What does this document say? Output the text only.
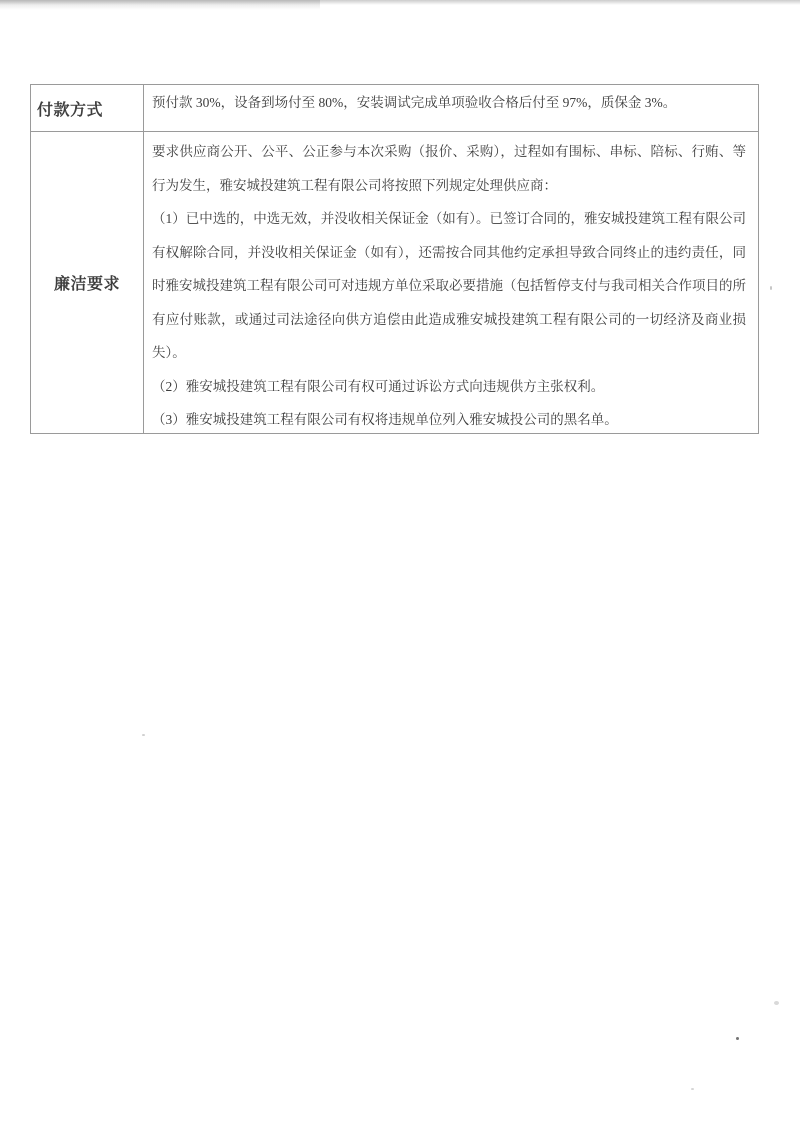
付款方式	预付款 30%，设备到场付至 80%，安装调试完成单项验收合格后付至 97%，质保金 3%。
廉洁要求

要求供应商公开、公平、公正参与本次采购（报价、采购），过程如有围标、串标、陪标、行贿、等行为发生，雅安城投建筑工程有限公司将按照下列规定处理供应商：

（1）已中选的，中选无效，并没收相关保证金（如有）。已签订合同的，雅安城投建筑工程有限公司有权解除合同，并没收相关保证金（如有），还需按合同其他约定承担导致合同终止的违约责任，同时雅安城投建筑工程有限公司可对违规方单位采取必要措施（包括暂停支付与我司相关合作项目的所有应付账款，或通过司法途径向供方追偿由此造成雅安城投建筑工程有限公司的一切经济及商业损失）。

（2）雅安城投建筑工程有限公司有权可通过诉讼方式向违规供方主张权利。

（3）雅安城投建筑工程有限公司有权将违规单位列入雅安城投公司的黑名单。
